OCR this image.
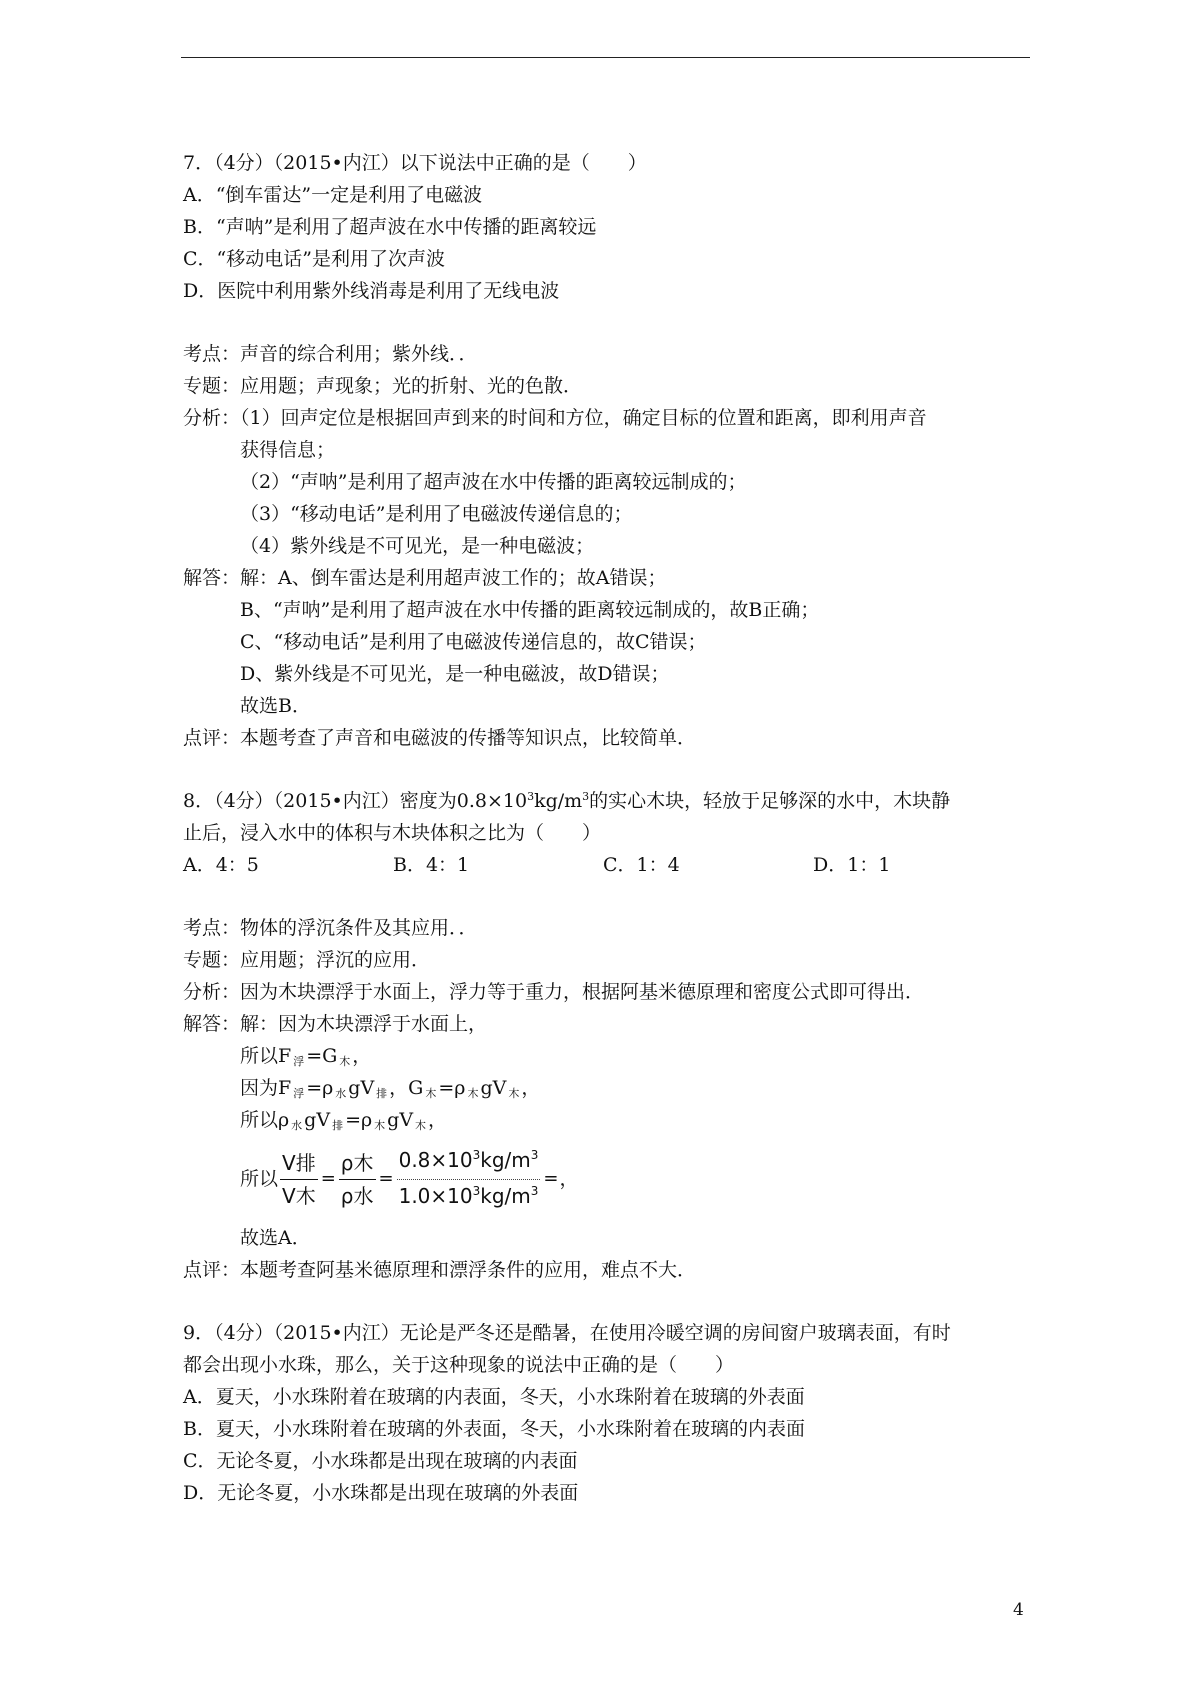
7．（4分）（2015•内江）以下说法中正确的是（　　）
A．“倒车雷达”一定是利用了电磁波
B．“声呐”是利用了超声波在水中传播的距离较远
C．“移动电话”是利用了次声波
D．医院中利用紫外线消毒是利用了无线电波
考点：声音的综合利用；紫外线．．
专题：应用题；声现象；光的折射、光的色散．
分析：（1）回声定位是根据回声到来的时间和方位，确定目标的位置和距离，即利用声音
获得信息；
（2）“声呐”是利用了超声波在水中传播的距离较远制成的；
（3）“移动电话”是利用了电磁波传递信息的；
（4）紫外线是不可见光，是一种电磁波；
解答：解：A、倒车雷达是利用超声波工作的；故A错误；
B、“声呐”是利用了超声波在水中传播的距离较远制成的，故B正确；
C、“移动电话”是利用了电磁波传递信息的，故C错误；
D、紫外线是不可见光，是一种电磁波，故D错误；
故选B．
点评：本题考查了声音和电磁波的传播等知识点，比较简单．
8．（4分）（2015•内江）密度为$0.8\times 10^3kg/m^3$的实心木块，轻放于足够深的水中，木块静
止后，浸入水中的体积与木块体积之比为（　　）
A．4：5	B．4：1	C．1：4	D．1：1
考点：物体的浮沉条件及其应用．．
专题：应用题；浮沉的应用．
分析：因为木块漂浮于水面上，浮力等于重力，根据阿基米德原理和密度公式即可得出．
解答：解：因为木块漂浮于水面上，
所以F 浮 =G 木 ，
因为F 浮 =ρ 水 gV 排 ，G 木 =ρ 木 gV 木 ，
所以ρ 水 gV 排 =ρ 木 gV 木 ，
所以 $\frac{\text{V排}}{\text{V木}} = \frac{\text{ρ木}}{\text{ρ水}} = \frac{0.8\times 10^3kg/m^3}{1.0\times 10^3kg/m^3}$ = ，
故选A．
点评：本题考查阿基米德原理和漂浮条件的应用，难点不大．
9．（4分）（2015•内江）无论是严冬还是酷暑，在使用冷暖空调的房间窗户玻璃表面，有时
都会出现小水珠，那么，关于这种现象的说法中正确的是（　　）
A．夏天，小水珠附着在玻璃的内表面，冬天，小水珠附着在玻璃的外表面
B．夏天，小水珠附着在玻璃的外表面，冬天，小水珠附着在玻璃的内表面
C．无论冬夏，小水珠都是出现在玻璃的内表面
D．无论冬夏，小水珠都是出现在玻璃的外表面
4
